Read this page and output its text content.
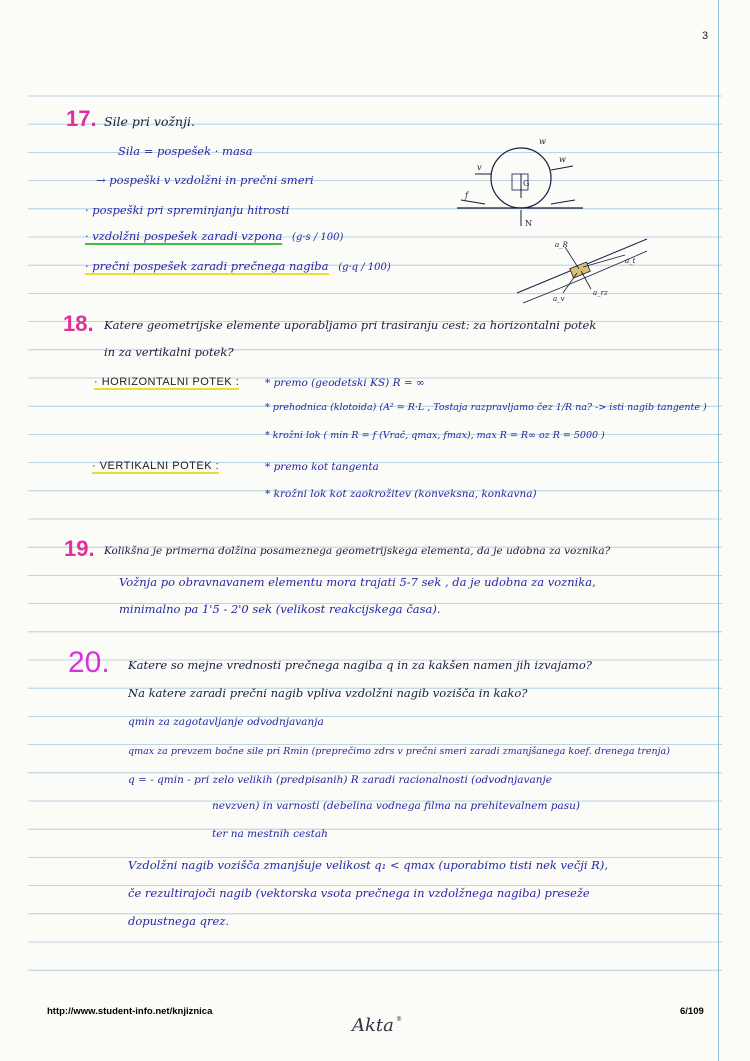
3
17. Sile pri vožnji.
Sila = pospešek · masa
→ pospeški v vzdolžni in prečni smeri
· pospeški pri spreminjanju hitrosti
· vzdolžni pospešek zaradi vzpona (g·s / 100)
· prečni pospešek zaradi prečnega nagiba (g·q / 100)
v
w
w
f
G
N
a_R
a_t
a_rz
a_v
18. Katere geometrijske elemente uporabljamo pri trasiranju cest: za horizontalni potek
in za vertikalni potek?
· HORIZONTALNI POTEK : * premo (geodetski KS) R = ∞
* prehodnica (klotoida) (A² = R·L , Tostaja razpravljamo čez 1/R na? -> isti nagib tangente )
* krožni lok ( min R = f (Vrač, qmax, fmax), max R = R∞ oz R = 5000 )
· VERTIKALNI POTEK :	* premo kot tangenta
* krožni lok kot zaokrožitev (konveksna, konkavna)
19. Kolikšna je primerna dolžina posameznega geometrijskega elementa, da je udobna za voznika?
Vožnja po obravnavanem elementu mora trajati 5-7 sek , da je udobna za voznika,
minimalno pa 1'5 - 2'0 sek (velikost reakcijskega časa).
20. Katere so mejne vrednosti prečnega nagiba q in za kakšen namen jih izvajamo?
Na katere zaradi prečni nagib vpliva vzdolžni nagib vozišča in kako?
qmin za zagotavljanje odvodnjavanja
qmax za prevzem bočne sile pri Rmin (preprečimo zdrs v prečni smeri zaradi zmanjšanega koef. drenega trenja)
q = - qmin - pri zelo velikih (predpisanih) R zaradi racionalnosti (odvodnjavanje
nevzven) in varnosti (debelina vodnega filma na prehitevalnem pasu)
ter na mestnih cestah
Vzdolžni nagib vozišča zmanjšuje velikost q₁ < qmax (uporabimo tisti nek večji R),
če rezultirajoči nagib (vektorska vsota prečnega in vzdolžnega nagiba) preseže
dopustnega qrez.
http://www.student-info.net/knjiznica	6/109
Akta ®
